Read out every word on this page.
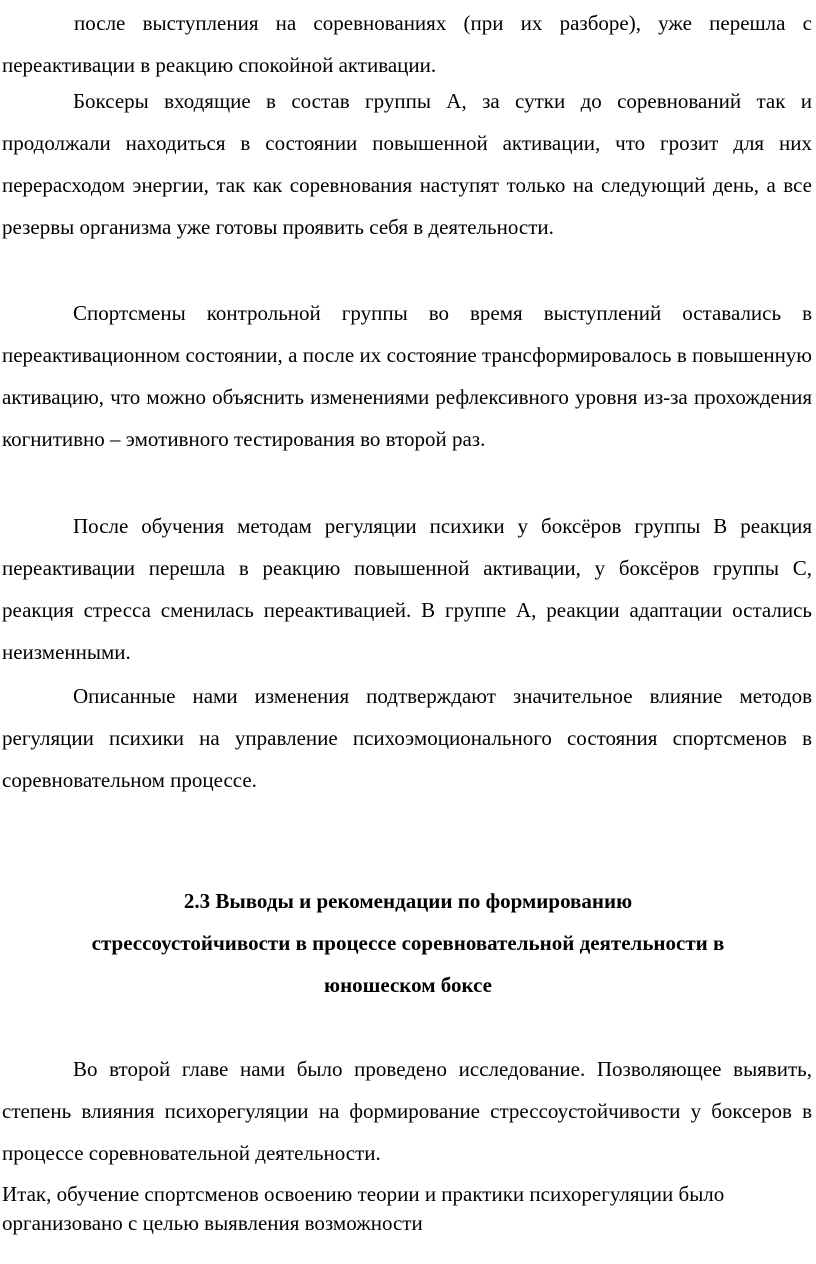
после выступления на соревнованиях (при их разборе), уже перешла с переактивации в реакцию спокойной активации.

Боксеры входящие в состав группы А, за сутки до соревнований так и продолжали находиться в состоянии повышенной активации, что грозит для них перерасходом энергии, так как соревнования наступят только на следующий день, а все резервы организма уже готовы проявить себя в деятельности.

Спортсмены контрольной группы во время выступлений оставались в переактивационном состоянии, а после их состояние трансформировалось в повышенную активацию, что можно объяснить изменениями рефлексивного уровня из-за прохождения когнитивно – эмотивного тестирования во второй раз.

После обучения методам регуляции психики у боксёров группы В реакция переактивации перешла в реакцию повышенной активации, у боксёров группы С, реакция стресса сменилась переактивацией. В группе А, реакции адаптации остались неизменными.

Описанные нами изменения подтверждают значительное влияние методов регуляции психики на управление психоэмоционального состояния спортсменов в соревновательном процессе.

2.3 Выводы и рекомендации по формированию
стрессоустойчивости в процессе соревновательной деятельности в
юношеском боксе

Во второй главе нами было проведено исследование. Позволяющее выявить, степень влияния психорегуляции на формирование стрессоустойчивости у боксеров в процессе соревновательной деятельности.

Итак, обучение спортсменов освоению теории и практики психорегуляции было организовано с целью выявления возможности
